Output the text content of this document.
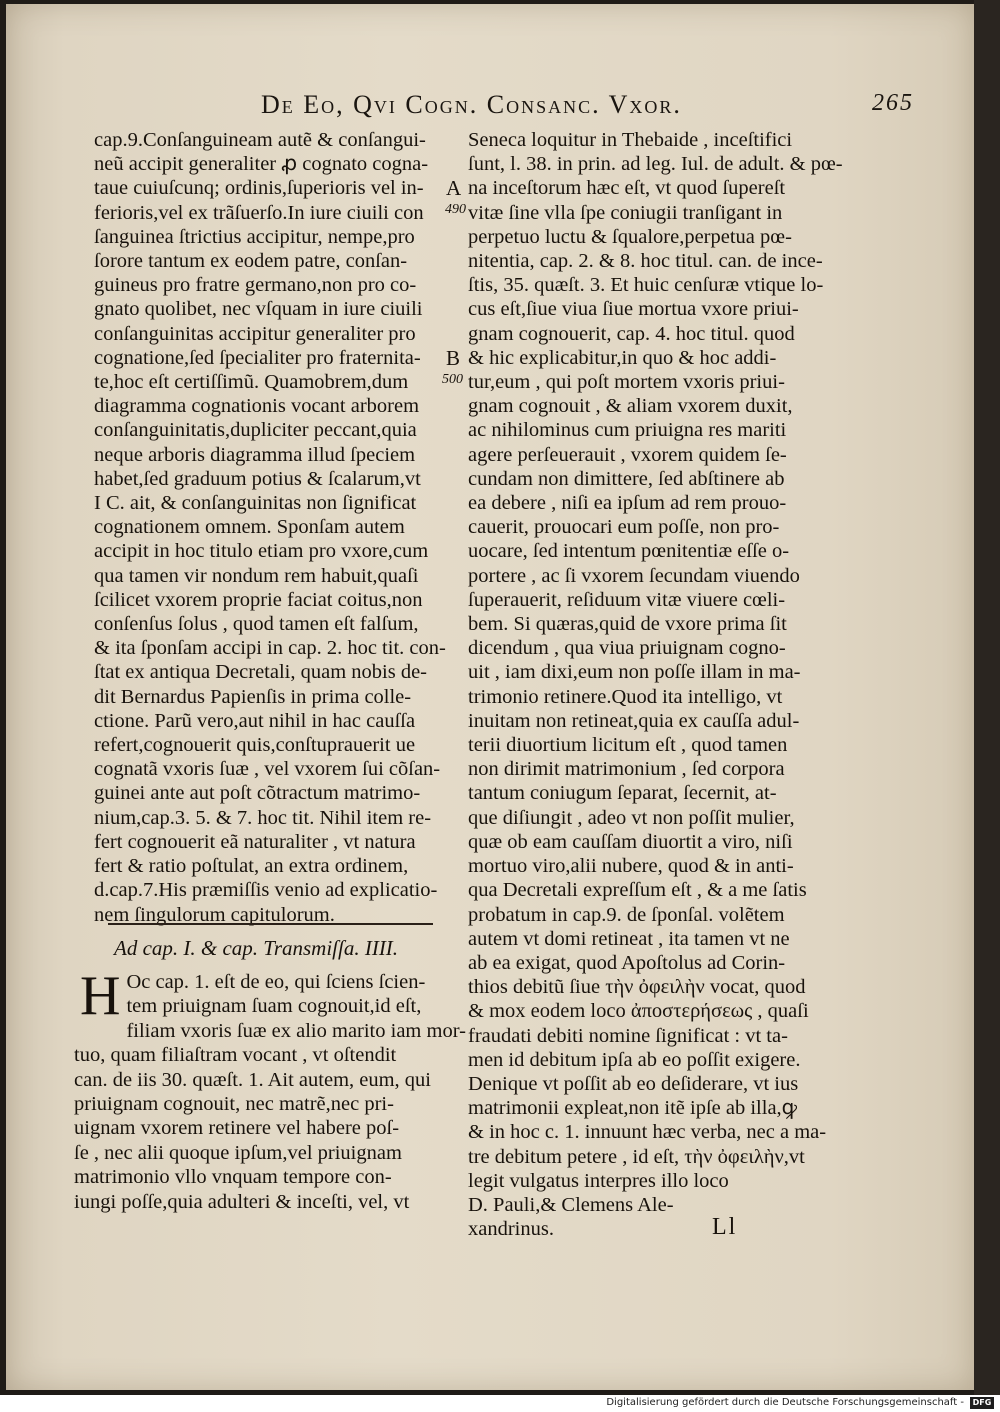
De Eo, Qvi Cogn. Consanc. Vxor.	265
cap.9.Conſanguineam autẽ & conſangui-
neũ accipit generaliter ꝓ cognato cogna-
taue cuiuſcunq; ordinis,ſuperioris vel in-
ferioris,vel ex trãſuerſo.In iure ciuili con
ſanguinea ſtrictius accipitur, nempe,pro
ſorore tantum ex eodem patre, conſan-
guineus pro fratre germano,non pro co-
gnato quolibet, nec vſquam in iure ciuili
conſanguinitas accipitur generaliter pro
cognatione,ſed ſpecialiter pro fraternita-
te,hoc eſt certiſſimũ. Quamobrem,dum
diagramma cognationis vocant arborem
conſanguinitatis,dupliciter peccant,quia
neque arboris diagramma illud ſpeciem
habet,ſed graduum potius & ſcalarum,vt
I C. ait, & conſanguinitas non ſignificat
cognationem omnem. Sponſam autem
accipit in hoc titulo etiam pro vxore,cum
qua tamen vir nondum rem habuit,quaſi
ſcilicet vxorem proprie faciat coitus,non
conſenſus ſolus , quod tamen eſt falſum,
& ita ſponſam accipi in cap. 2. hoc tit. con-
ſtat ex antiqua Decretali, quam nobis de-
dit Bernardus Papienſis in prima colle-
ctione. Parũ vero,aut nihil in hac cauſſa
refert,cognouerit quis,conſtuprauerit ue
cognatã vxoris ſuæ , vel vxorem ſui cõſan-
guinei ante aut poſt cõtractum matrimo-
nium,cap.3. 5. & 7. hoc tit. Nihil item re-
fert cognouerit eã naturaliter , vt natura
fert & ratio poſtulat, an extra ordinem,
d.cap.7.His præmiſſis venio ad explicatio-
nem ſingulorum capitulorum.
Seneca loquitur in Thebaide , inceſtifici
ſunt, l. 38. in prin. ad leg. Iul. de adult. & pœ-
na inceſtorum hæc eſt, vt quod ſupereſt
vitæ ſine vlla ſpe coniugii tranſigant in
perpetuo luctu & ſqualore,perpetua pœ-
nitentia, cap. 2. & 8. hoc titul. can. de ince-
ſtis, 35. quæſt. 3. Et huic cenſuræ vtique lo-
cus eſt,ſiue viua ſiue mortua vxore priui-
gnam cognouerit, cap. 4. hoc titul. quod
& hic explicabitur,in quo & hoc addi-
tur,eum , qui poſt mortem vxoris priui-
gnam cognouit , & aliam vxorem duxit,
ac nihilominus cum priuigna res mariti
agere perſeuerauit , vxorem quidem ſe-
cundam non dimittere, ſed abſtinere ab
ea debere , niſi ea ipſum ad rem prouo-
cauerit, prouocari eum poſſe, non pro-
uocare, ſed intentum pœnitentiæ eſſe o-
portere , ac ſi vxorem ſecundam viuendo
ſuperauerit, reſiduum vitæ viuere cœli-
bem. Si quæras,quid de vxore prima ſit
dicendum , qua viua priuignam cogno-
uit , iam dixi,eum non poſſe illam in ma-
trimonio retinere.Quod ita intelligo, vt
inuitam non retineat,quia ex cauſſa adul-
terii diuortium licitum eſt , quod tamen
non dirimit matrimonium , ſed corpora
tantum coniugum ſeparat, ſecernit, at-
que diſiungit , adeo vt non poſſit mulier,
quæ ob eam cauſſam diuortit a viro, niſi
mortuo viro,alii nubere, quod & in anti-
qua Decretali expreſſum eſt , & a me ſatis
probatum in cap.9. de ſponſal. volẽtem
autem vt domi retineat , ita tamen vt ne
ab ea exigat, quod Apoſtolus ad Corin-
thios debitũ ſiue τὴν ὀφειλὴν vocat, quod
& mox eodem loco ἀποστερήσεως , quaſi
fraudati debiti nomine ſignificat : vt ta-
men id debitum ipſa ab eo poſſit exigere.
Denique vt poſſit ab eo deſiderare, vt ius
matrimonii expleat,non itẽ ipſe ab illa,ꝙ
& in hoc c. 1. innuunt hæc verba, nec a ma-
tre debitum petere , id eſt, τὴν ὀφειλὴν,vt
legit vulgatus interpres illo loco
D. Pauli,& Clemens Ale-
xandrinus.
A
490
B
500
Ad cap. I. & cap. Transmiſſa. IIII.
H Oc cap. 1. eſt de eo, qui ſciens ſcien-
tem priuignam ſuam cognouit,id eſt,
filiam vxoris ſuæ ex alio marito iam mor-
tuo, quam filiaſtram vocant , vt oſtendit
can. de iis 30. quæſt. 1. Ait autem, eum, qui
priuignam cognouit, nec matrẽ,nec pri-
uignam vxorem retinere vel habere poſ-
ſe , nec alii quoque ipſum,vel priuignam
matrimonio vllo vnquam tempore con-
iungi poſſe,quia adulteri & inceſti, vel, vt
Ll
Digitalisierung gefördert durch die Deutsche Forschungsgemeinschaft -	DFG
